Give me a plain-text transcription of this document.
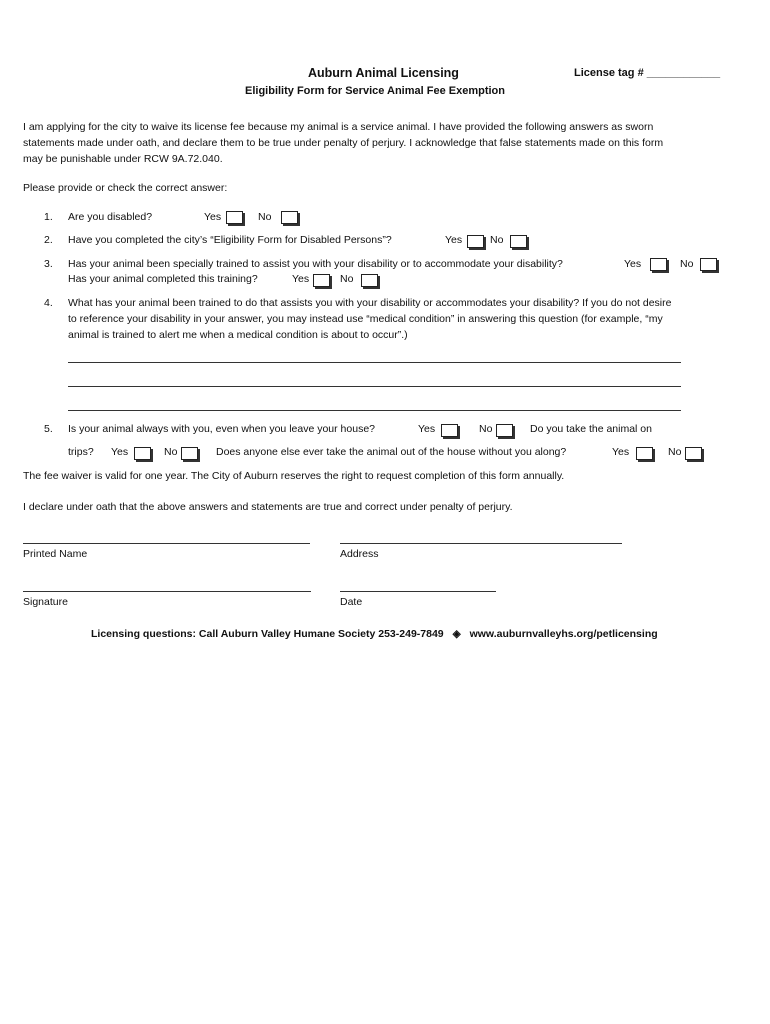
Auburn Animal Licensing	License tag # ____________
Eligibility Form for Service Animal Fee Exemption
I am applying for the city to waive its license fee because my animal is a service animal. I have provided the following answers as sworn
statements made under oath, and declare them to be true under penalty of perjury. I acknowledge that false statements made on this form
may be punishable under RCW 9A.72.040.
Please provide or check the correct answer:
1. Are you disabled?	Yes	No
2. Have you completed the city’s “Eligibility Form for Disabled Persons”?	Yes	No
3. Has your animal been specially trained to assist you with your disability or to accommodate your disability?	Yes	No
Has your animal completed this training?	Yes	No
4. What has your animal been trained to do that assists you with your disability or accommodates your disability? If you do not desire
to reference your disability in your answer, you may instead use “medical condition” in answering this question (for example, “my
animal is trained to alert me when a medical condition is about to occur”.)
5. Is your animal always with you, even when you leave your house?	Yes	No	Do you take the animal on
trips? Yes	No	Does anyone else ever take the animal out of the house without you along?	Yes	No
The fee waiver is valid for one year. The City of Auburn reserves the right to request completion of this form annually.
I declare under oath that the above answers and statements are true and correct under penalty of perjury.
Printed Name	Address
Signature	Date
Licensing questions: Call Auburn Valley Humane Society 253-249-7849 ◈ www.auburnvalleyhs.org/petlicensing
